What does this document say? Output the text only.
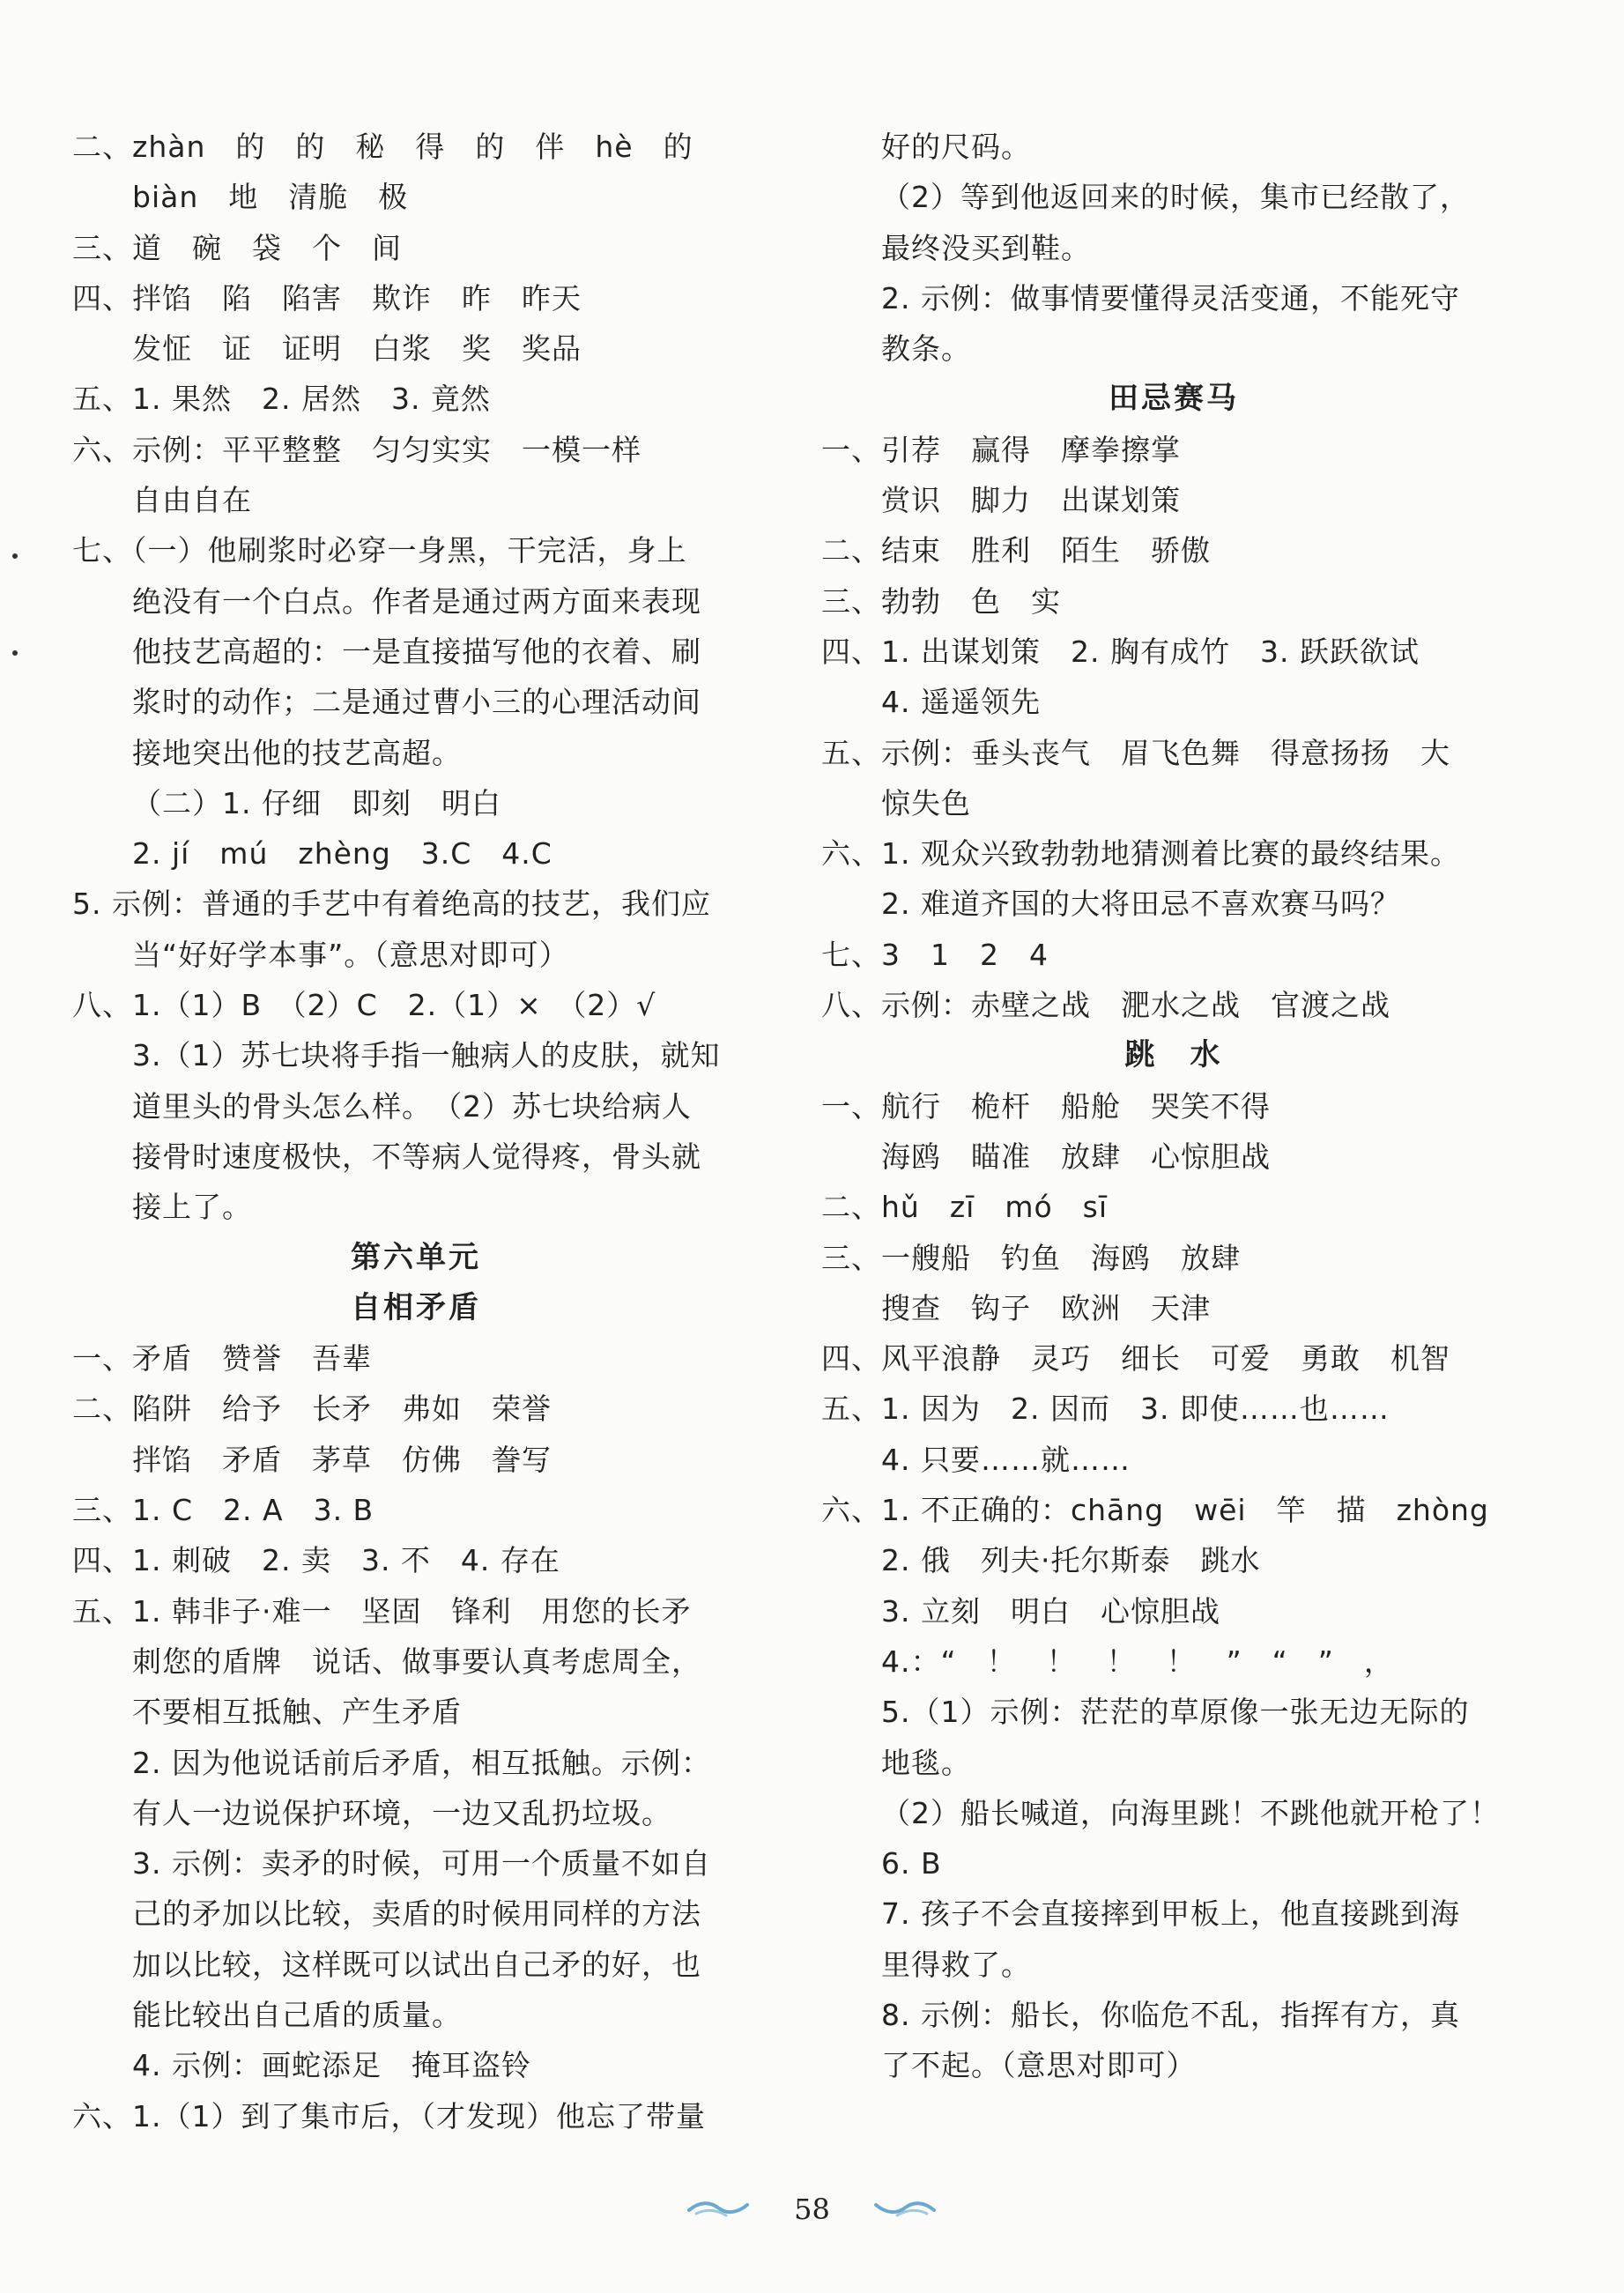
二、zhàn　的　的　秘　得　的　伴　hè　的
biàn　地　清脆　极
三、道　碗　袋　个　间
四、拌馅　陷　陷害　欺诈　昨　昨天
发怔　证　证明　白浆　奖　奖品
五、1. 果然　2. 居然　3. 竟然
六、示例：平平整整　匀匀实实　一模一样
自由自在
七、（一）他刷浆时必穿一身黑，干完活，身上
绝没有一个白点。作者是通过两方面来表现
他技艺高超的：一是直接描写他的衣着、刷
浆时的动作；二是通过曹小三的心理活动间
接地突出他的技艺高超。
（二）1. 仔细　即刻　明白
2. jí　mú　zhèng　3.C　4.C
5. 示例：普通的手艺中有着绝高的技艺，我们应
当“好好学本事”。（意思对即可）
八、1.（1）B　（2）C　2.（1）×　（2）√
3.（1）苏七块将手指一触病人的皮肤，就知
道里头的骨头怎么样。　（2）苏七块给病人
接骨时速度极快，不等病人觉得疼，骨头就
接上了。
第六单元
自相矛盾
一、矛盾　赞誉　吾辈
二、陷阱　给予　长矛　弗如　荣誉
拌馅　矛盾　茅草　仿佛　誊写
三、1. C　2. A　3. B
四、1. 刺破　2. 卖　3. 不　4. 存在
五、1. 韩非子·难一　坚固　锋利　用您的长矛
刺您的盾牌　说话、做事要认真考虑周全，
不要相互抵触、产生矛盾
2. 因为他说话前后矛盾，相互抵触。示例：
有人一边说保护环境，一边又乱扔垃圾。
3. 示例：卖矛的时候，可用一个质量不如自
己的矛加以比较，卖盾的时候用同样的方法
加以比较，这样既可以试出自己矛的好，也
能比较出自己盾的质量。
4. 示例：画蛇添足　掩耳盗铃
六、1.（1）到了集市后，（才发现）他忘了带量
好的尺码。
（2）等到他返回来的时候，集市已经散了，
最终没买到鞋。
2. 示例：做事情要懂得灵活变通，不能死守
教条。
田忌赛马
一、引荐　赢得　摩拳擦掌
赏识　脚力　出谋划策
二、结束　胜利　陌生　骄傲
三、勃勃　色　实
四、1. 出谋划策　2. 胸有成竹　3. 跃跃欲试
4. 遥遥领先
五、示例：垂头丧气　眉飞色舞　得意扬扬　大
惊失色
六、1. 观众兴致勃勃地猜测着比赛的最终结果。
2. 难道齐国的大将田忌不喜欢赛马吗？
七、3　1　2　4
八、示例：赤壁之战　淝水之战　官渡之战
跳　水
一、航行　桅杆　船舱　哭笑不得
海鸥　瞄准　放肆　心惊胆战
二、hǔ　zī　mó　sī
三、一艘船　钓鱼　海鸥　放肆
搜查　钩子　欧洲　天津
四、风平浪静　灵巧　细长　可爱　勇敢　机智
五、1. 因为　2. 因而　3. 即使……也……
4. 只要……就……
六、1. 不正确的：chāng　wēi　竿　描　zhòng
2. 俄　列夫·托尔斯泰　跳水
3. 立刻　明白　心惊胆战
4.：“　！　！　！　！　”　“　”　，
5.（1）示例：茫茫的草原像一张无边无际的
地毯。
（2）船长喊道，向海里跳！不跳他就开枪了！
6. B
7. 孩子不会直接摔到甲板上，他直接跳到海
里得救了。
8. 示例：船长，你临危不乱，指挥有方，真
了不起。（意思对即可）
58
